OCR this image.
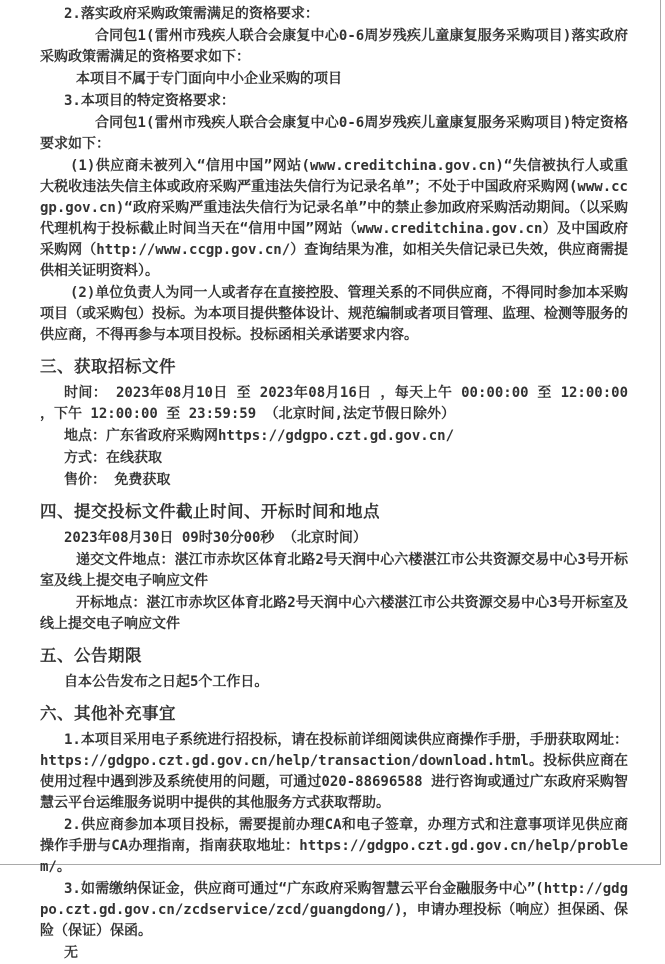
2.落实政府采购政策需满足的资格要求：

合同包1(雷州市残疾人联合会康复中心0-6周岁残疾儿童康复服务采购项目)落实政府采购政策需满足的资格要求如下：

本项目不属于专门面向中小企业采购的项目

3.本项目的特定资格要求：

合同包1(雷州市残疾人联合会康复中心0-6周岁残疾儿童康复服务采购项目)特定资格要求如下：

(1)供应商未被列入“信用中国”网站(www.creditchina.gov.cn)“失信被执行人或重大税收违法失信主体或政府采购严重违法失信行为记录名单”；不处于中国政府采购网(www.ccgp.gov.cn)“政府采购严重违法失信行为记录名单”中的禁止参加政府采购活动期间。（以采购代理机构于投标截止时间当天在“信用中国”网站（www.creditchina.gov.cn）及中国政府采购网（http://www.ccgp.gov.cn/）查询结果为准，如相关失信记录已失效，供应商需提供相关证明资料）。

(2)单位负责人为同一人或者存在直接控股、管理关系的不同供应商，不得同时参加本采购项目（或采购包）投标。为本项目提供整体设计、规范编制或者项目管理、监理、检测等服务的供应商，不得再参与本项目投标。投标函相关承诺要求内容。

三、获取招标文件

时间： 2023年08月10日 至 2023年08月16日 ，每天上午 00:00:00 至 12:00:00 ，下午 12:00:00 至 23:59:59 （北京时间,法定节假日除外）

地点：广东省政府采购网https://gdgpo.czt.gd.gov.cn/

方式：在线获取

售价： 免费获取

四、提交投标文件截止时间、开标时间和地点

2023年08月30日 09时30分00秒 （北京时间）

递交文件地点：湛江市赤坎区体育北路2号天润中心六楼湛江市公共资源交易中心3号开标室及线上提交电子响应文件

开标地点：湛江市赤坎区体育北路2号天润中心六楼湛江市公共资源交易中心3号开标室及线上提交电子响应文件

五、公告期限

自本公告发布之日起5个工作日。

六、其他补充事宜

1.本项目采用电子系统进行招投标，请在投标前详细阅读供应商操作手册，手册获取网址：https://gdgpo.czt.gd.gov.cn/help/transaction/download.html。投标供应商在使用过程中遇到涉及系统使用的问题，可通过020-88696588 进行咨询或通过广东政府采购智慧云平台运维服务说明中提供的其他服务方式获取帮助。

2.供应商参加本项目投标，需要提前办理CA和电子签章，办理方式和注意事项详见供应商操作手册与CA办理指南，指南获取地址：https://gdgpo.czt.gd.gov.cn/help/problem/。

3.如需缴纳保证金，供应商可通过“广东政府采购智慧云平台金融服务中心”(http://gdgpo.czt.gd.gov.cn/zcdservice/zcd/guangdong/)，申请办理投标（响应）担保函、保险（保证）保函。

无
